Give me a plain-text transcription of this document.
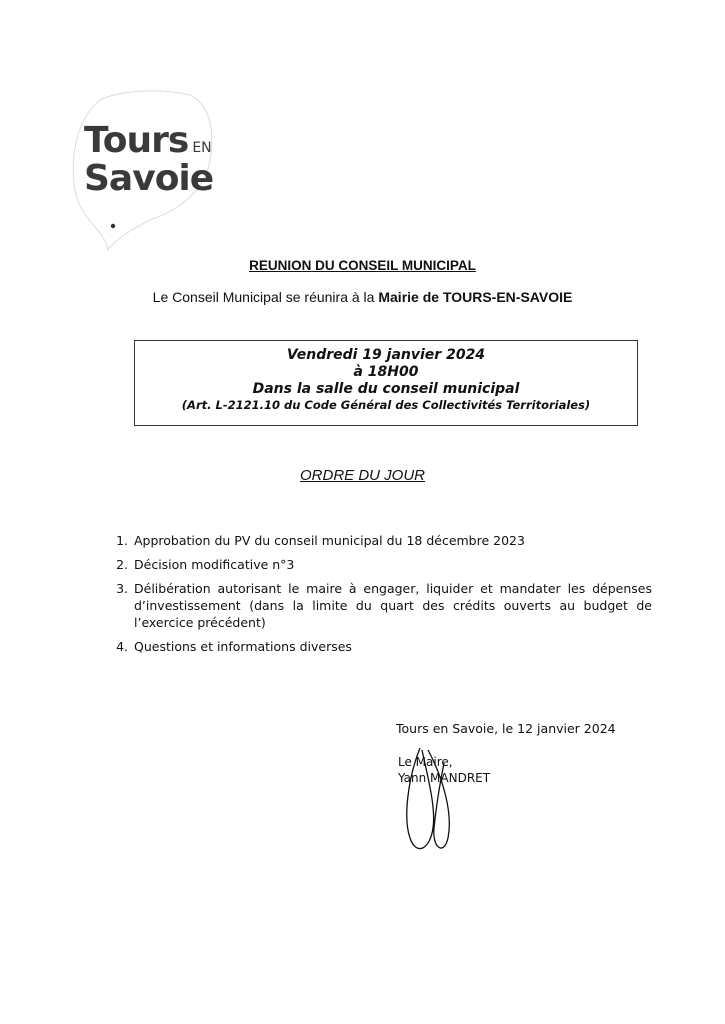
Tours EN
Savoie
REUNION DU CONSEIL MUNICIPAL
Le Conseil Municipal se réunira à la Mairie de TOURS-EN-SAVOIE
Vendredi 19 janvier 2024
à 18H00
Dans la salle du conseil municipal
(Art. L-2121.10 du Code Général des Collectivités Territoriales)
ORDRE DU JOUR
1. Approbation du PV du conseil municipal du 18 décembre 2023
2. Décision modificative n°3
3. Délibération autorisant le maire à engager, liquider et mandater les dépenses d’investissement (dans la limite du quart des crédits ouverts au budget de l’exercice précédent)
4. Questions et informations diverses
Tours en Savoie, le 12 janvier 2024
Le Maire,
Yann MANDRET
